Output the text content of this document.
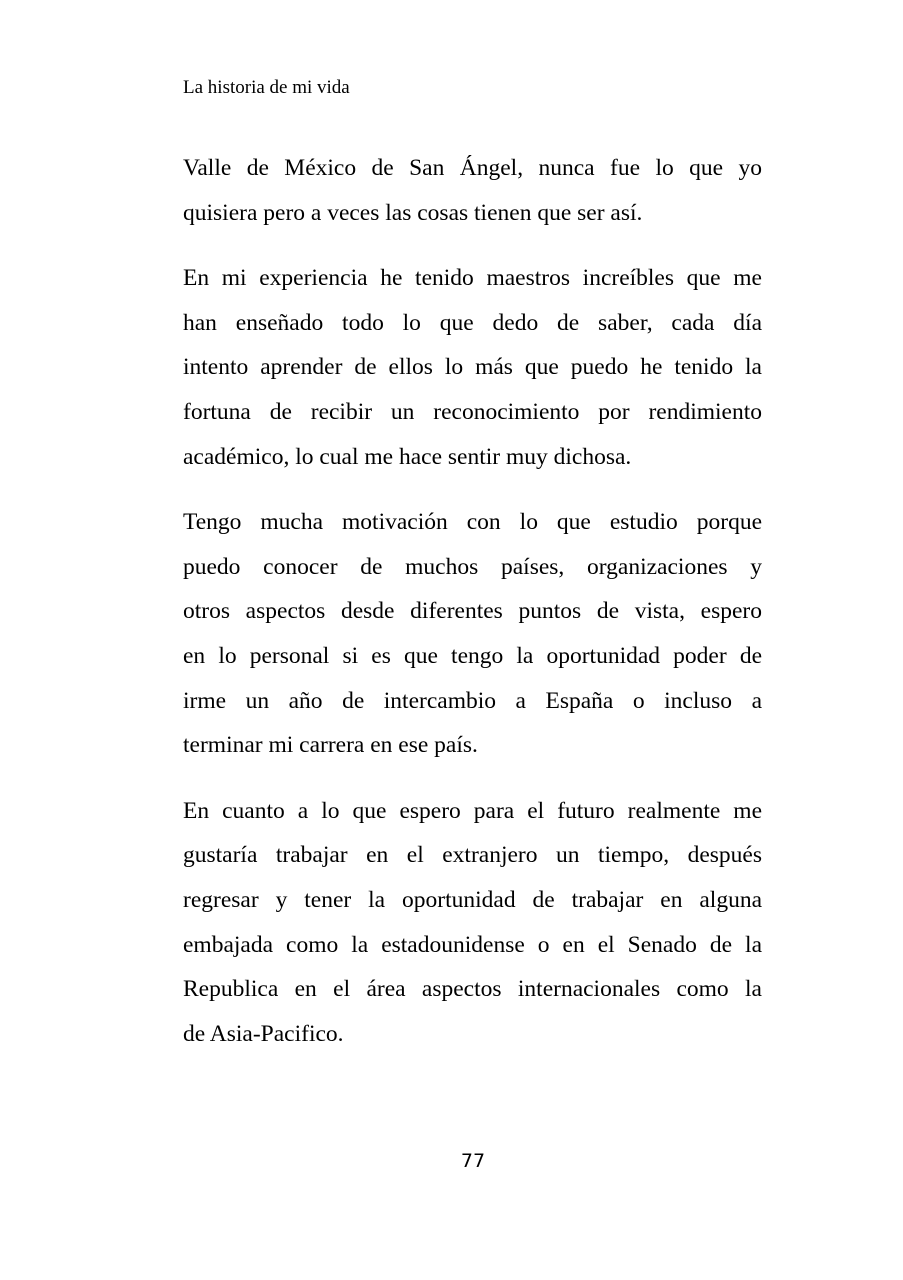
La historia de mi vida
Valle de México de San Ángel, nunca fue lo que yo
quisiera pero a veces las cosas tienen que ser así.
En mi experiencia he tenido maestros increíbles que me
han enseñado todo lo que dedo de saber, cada día
intento aprender de ellos lo más que puedo he tenido la
fortuna de recibir un reconocimiento por rendimiento
académico, lo cual me hace sentir muy dichosa.
Tengo mucha motivación con lo que estudio porque
puedo conocer de muchos países, organizaciones y
otros aspectos desde diferentes puntos de vista, espero
en lo personal si es que tengo la oportunidad poder de
irme un año de intercambio a España o incluso a
terminar mi carrera en ese país.
En cuanto a lo que espero para el futuro realmente me
gustaría trabajar en el extranjero un tiempo, después
regresar y tener la oportunidad de trabajar en alguna
embajada como la estadounidense o en el Senado de la
Republica en el área aspectos internacionales como la
de Asia-Pacifico.
77
